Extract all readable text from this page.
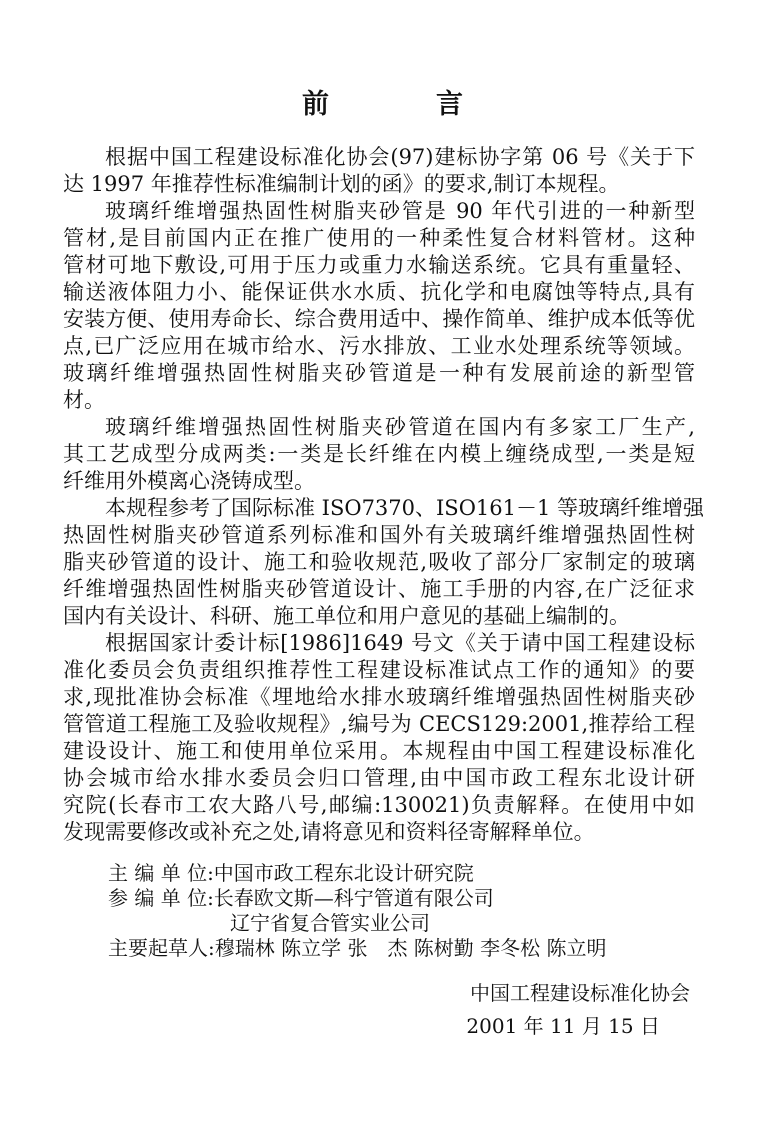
前　言
根据中国工程建设标准化协会(97)建标协字第 06 号《关于下
达 1997 年推荐性标准编制计划的函》的要求,制订本规程。
玻璃纤维增强热固性树脂夹砂管是 90 年代引进的一种新型
管材,是目前国内正在推广使用的一种柔性复合材料管材。这种
管材可地下敷设,可用于压力或重力水输送系统。它具有重量轻、
输送液体阻力小、能保证供水水质、抗化学和电腐蚀等特点,具有
安装方便、使用寿命长、综合费用适中、操作简单、维护成本低等优
点,已广泛应用在城市给水、污水排放、工业水处理系统等领域。
玻璃纤维增强热固性树脂夹砂管道是一种有发展前途的新型管
材。
玻璃纤维增强热固性树脂夹砂管道在国内有多家工厂生产,
其工艺成型分成两类:一类是长纤维在内模上缠绕成型,一类是短
纤维用外模离心浇铸成型。
本规程参考了国际标准 ISO7370、ISO161－1 等玻璃纤维增强
热固性树脂夹砂管道系列标准和国外有关玻璃纤维增强热固性树
脂夹砂管道的设计、施工和验收规范,吸收了部分厂家制定的玻璃
纤维增强热固性树脂夹砂管道设计、施工手册的内容,在广泛征求
国内有关设计、科研、施工单位和用户意见的基础上编制的。
根据国家计委计标[1986]1649 号文《关于请中国工程建设标
准化委员会负责组织推荐性工程建设标准试点工作的通知》的要
求,现批准协会标准《埋地给水排水玻璃纤维增强热固性树脂夹砂
管管道工程施工及验收规程》,编号为 CECS129:2001,推荐给工程
建设设计、施工和使用单位采用。本规程由中国工程建设标准化
协会城市给水排水委员会归口管理,由中国市政工程东北设计研
究院(长春市工农大路八号,邮编:130021)负责解释。在使用中如
发现需要修改或补充之处,请将意见和资料径寄解释单位。
主 编 单 位:中国市政工程东北设计研究院
参 编 单 位:长春欧文斯—科宁管道有限公司
辽宁省复合管实业公司
主要起草人:穆瑞林 陈立学 张　杰 陈树勤 李冬松 陈立明
中国工程建设标准化协会
2001 年 11 月 15 日
